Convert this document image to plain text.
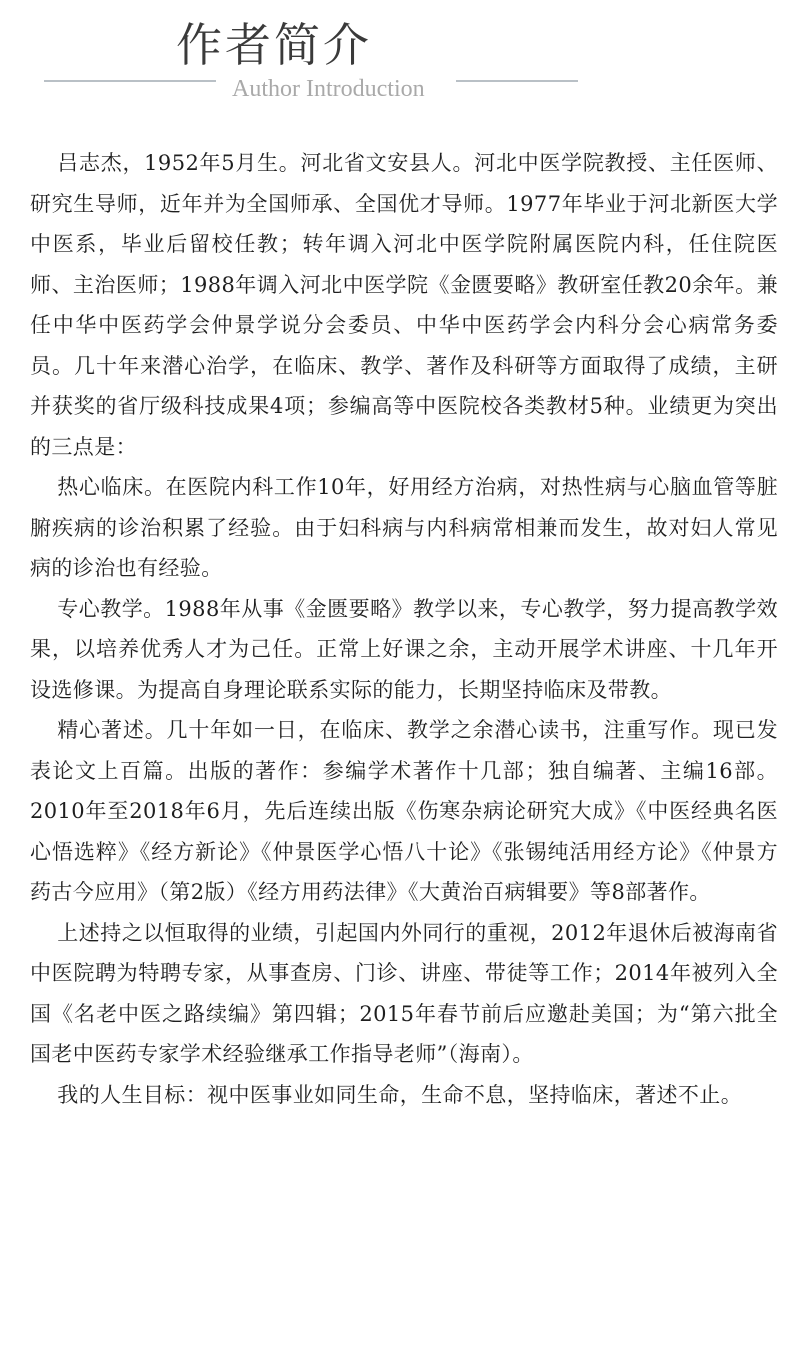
作者简介
Author Introduction

吕志杰，1952年5月生。河北省文安县人。河北中医学院教授、主任医师、研究生导师，近年并为全国师承、全国优才导师。1977年毕业于河北新医大学中医系，毕业后留校任教；转年调入河北中医学院附属医院内科，任住院医师、主治医师；1988年调入河北中医学院《金匮要略》教研室任教20余年。兼任中华中医药学会仲景学说分会委员、中华中医药学会内科分会心病常务委员。几十年来潜心治学，在临床、教学、著作及科研等方面取得了成绩，主研并获奖的省厅级科技成果4项；参编高等中医院校各类教材5种。业绩更为突出的三点是：

热心临床。在医院内科工作10年，好用经方治病，对热性病与心脑血管等脏腑疾病的诊治积累了经验。由于妇科病与内科病常相兼而发生，故对妇人常见病的诊治也有经验。

专心教学。1988年从事《金匮要略》教学以来，专心教学，努力提高教学效果，以培养优秀人才为己任。正常上好课之余，主动开展学术讲座、十几年开设选修课。为提高自身理论联系实际的能力，长期坚持临床及带教。

精心著述。几十年如一日，在临床、教学之余潜心读书，注重写作。现已发表论文上百篇。出版的著作：参编学术著作十几部；独自编著、主编16部。2010年至2018年6月，先后连续出版《伤寒杂病论研究大成》《中医经典名医心悟选粹》《经方新论》《仲景医学心悟八十论》《张锡纯活用经方论》《仲景方药古今应用》（第2版）《经方用药法律》《大黄治百病辑要》等8部著作。

上述持之以恒取得的业绩，引起国内外同行的重视，2012年退休后被海南省中医院聘为特聘专家，从事查房、门诊、讲座、带徒等工作；2014年被列入全国《名老中医之路续编》第四辑；2015年春节前后应邀赴美国；为“第六批全国老中医药专家学术经验继承工作指导老师”（海南）。

我的人生目标：视中医事业如同生命，生命不息，坚持临床，著述不止。
